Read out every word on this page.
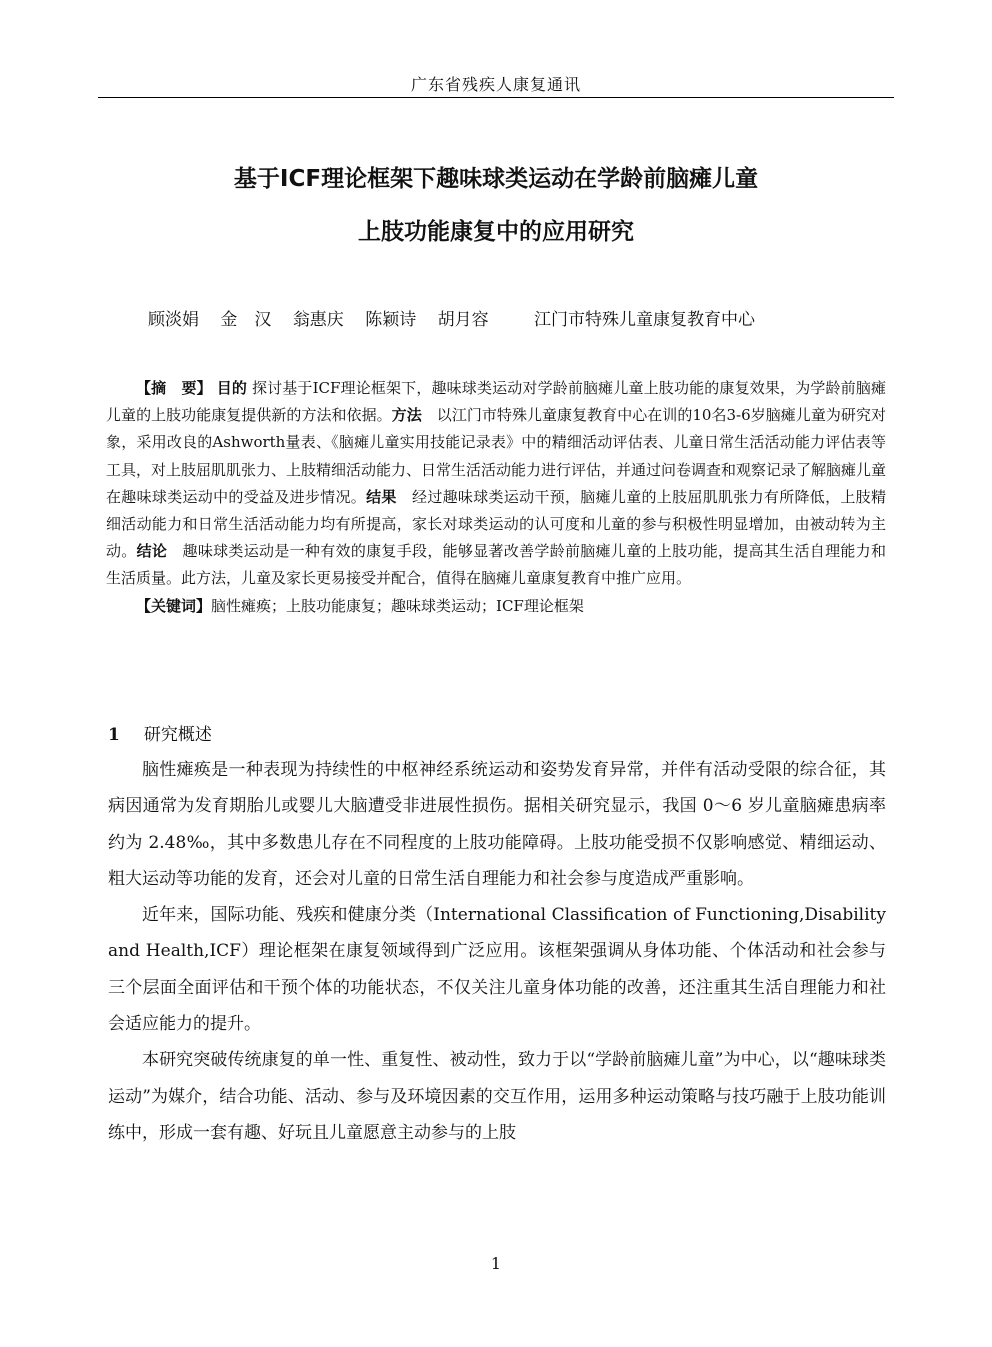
广东省残疾人康复通讯
基于ICF理论框架下趣味球类运动在学龄前脑瘫儿童
上肢功能康复中的应用研究
顾淡娟 金　汉 翁惠庆 陈颖诗 胡月容	江门市特殊儿童康复教育中心

【摘　要】 目的 探讨基于ICF理论框架下，趣味球类运动对学龄前脑瘫儿童上肢功能的康复效果，为学龄前脑瘫儿童的上肢功能康复提供新的方法和依据。方法　 以江门市特殊儿童康复教育中心在训的10名3-6岁脑瘫儿童为研究对象，采用改良的Ashworth量表、《脑瘫儿童实用技能记录表》中的精细活动评估表、儿童日常生活活动能力评估表等工具，对上肢屈肌肌张力、上肢精细活动能力、日常生活活动能力进行评估，并通过问卷调查和观察记录了解脑瘫儿童在趣味球类运动中的受益及进步情况。结果　 经过趣味球类运动干预，脑瘫儿童的上肢屈肌肌张力有所降低，上肢精细活动能力和日常生活活动能力均有所提高，家长对球类运动的认可度和儿童的参与积极性明显增加，由被动转为主动。结论　 趣味球类运动是一种有效的康复手段，能够显著改善学龄前脑瘫儿童的上肢功能，提高其生活自理能力和生活质量。此方法，儿童及家长更易接受并配合，值得在脑瘫儿童康复教育中推广应用。

【关键词】脑性瘫痪；上肢功能康复；趣味球类运动；ICF理论框架

1 研究概述

脑性瘫痪是一种表现为持续性的中枢神经系统运动和姿势发育异常，并伴有活动受限的综合征，其病因通常为发育期胎儿或婴儿大脑遭受非进展性损伤。据相关研究显示，我国 0～6 岁儿童脑瘫患病率约为 2.48‰，其中多数患儿存在不同程度的上肢功能障碍。上肢功能受损不仅影响感觉、精细运动、粗大运动等功能的发育，还会对儿童的日常生活自理能力和社会参与度造成严重影响。

近年来，国际功能、残疾和健康分类（International Classification of Functioning,Disability and Health,ICF）理论框架在康复领域得到广泛应用。该框架强调从身体功能、个体活动和社会参与三个层面全面评估和干预个体的功能状态，不仅关注儿童身体功能的改善，还注重其生活自理能力和社会适应能力的提升。

本研究突破传统康复的单一性、重复性、被动性，致力于以“学龄前脑瘫儿童”为中心，以“趣味球类运动”为媒介，结合功能、活动、参与及环境因素的交互作用，运用多种运动策略与技巧融于上肢功能训练中，形成一套有趣、好玩且儿童愿意主动参与的上肢

1
